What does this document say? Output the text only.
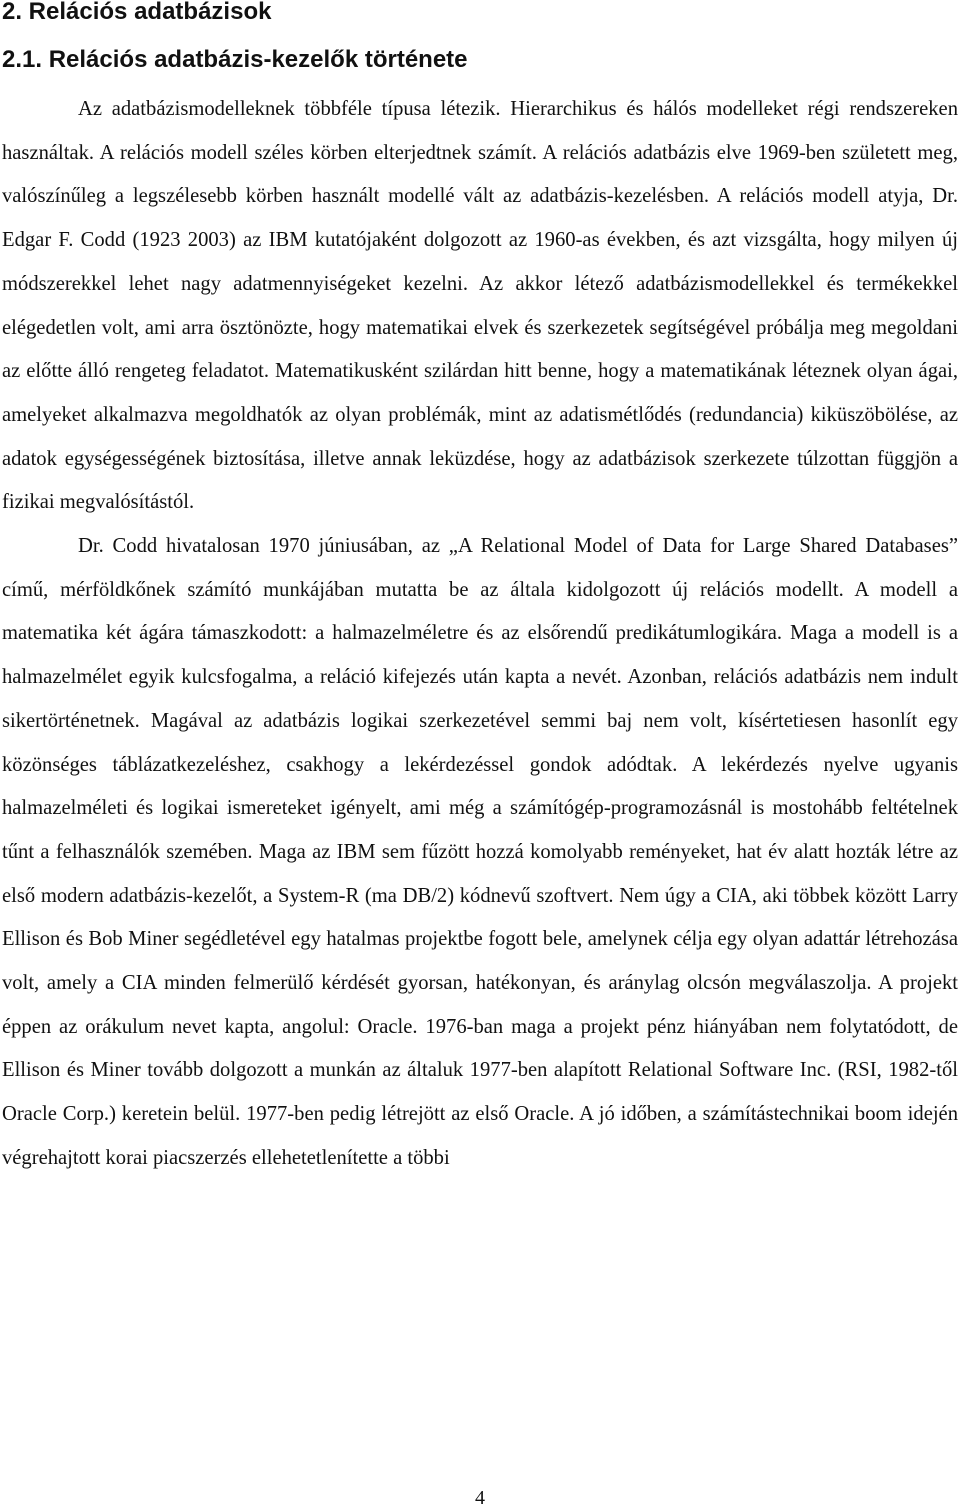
2. Relációs adatbázisok
2.1. Relációs adatbázis-kezelők története

Az adatbázismodelleknek többféle típusa létezik. Hierarchikus és hálós modelleket régi rendszereken használtak. A relációs modell széles körben elterjedtnek számít. A relációs adatbázis elve 1969-ben született meg, valószínűleg a legszélesebb körben használt modellé vált az adatbázis-kezelésben. A relációs modell atyja, Dr. Edgar F. Codd (1923 2003) az IBM kutatójaként dolgozott az 1960-as években, és azt vizsgálta, hogy milyen új módszerekkel lehet nagy adatmennyiségeket kezelni. Az akkor létező adatbázismodellekkel és termékekkel elégedetlen volt, ami arra ösztönözte, hogy matematikai elvek és szerkezetek segítségével próbálja meg megoldani az előtte álló rengeteg feladatot. Matematikusként szilárdan hitt benne, hogy a matematikának léteznek olyan ágai, amelyeket alkalmazva megoldhatók az olyan problémák, mint az adatismétlődés (redundancia) kiküszöbölése, az adatok egységességének biztosítása, illetve annak leküzdése, hogy az adatbázisok szerkezete túlzottan függjön a fizikai megvalósítástól.

Dr. Codd hivatalosan 1970 júniusában, az „A Relational Model of Data for Large Shared Databases” című, mérföldkőnek számító munkájában mutatta be az általa kidolgozott új relációs modellt. A modell a matematika két ágára támaszkodott: a halmazelméletre és az elsőrendű predikátumlogikára. Maga a modell is a halmazelmélet egyik kulcsfogalma, a reláció kifejezés után kapta a nevét. Azonban, relációs adatbázis nem indult sikertörténetnek. Magával az adatbázis logikai szerkezetével semmi baj nem volt, kísértetiesen hasonlít egy közönséges táblázatkezeléshez, csakhogy a lekérdezéssel gondok adódtak. A lekérdezés nyelve ugyanis halmazelméleti és logikai ismereteket igényelt, ami még a számítógép-programozásnál is mostohább feltételnek tűnt a felhasználók szemében. Maga az IBM sem fűzött hozzá komolyabb reményeket, hat év alatt hozták létre az első modern adatbázis-kezelőt, a System-R (ma DB/2) kódnevű szoftvert. Nem úgy a CIA, aki többek között Larry Ellison és Bob Miner segédletével egy hatalmas projektbe fogott bele, amelynek célja egy olyan adattár létrehozása volt, amely a CIA minden felmerülő kérdését gyorsan, hatékonyan, és aránylag olcsón megválaszolja. A projekt éppen az orákulum nevet kapta, angolul: Oracle. 1976-ban maga a projekt pénz hiányában nem folytatódott, de Ellison és Miner tovább dolgozott a munkán az általuk 1977-ben alapított Relational Software Inc. (RSI, 1982-től Oracle Corp.) keretein belül. 1977-ben pedig létrejött az első Oracle. A jó időben, a számítástechnikai boom idején végrehajtott korai piacszerzés ellehetetlenítette a többi

4
